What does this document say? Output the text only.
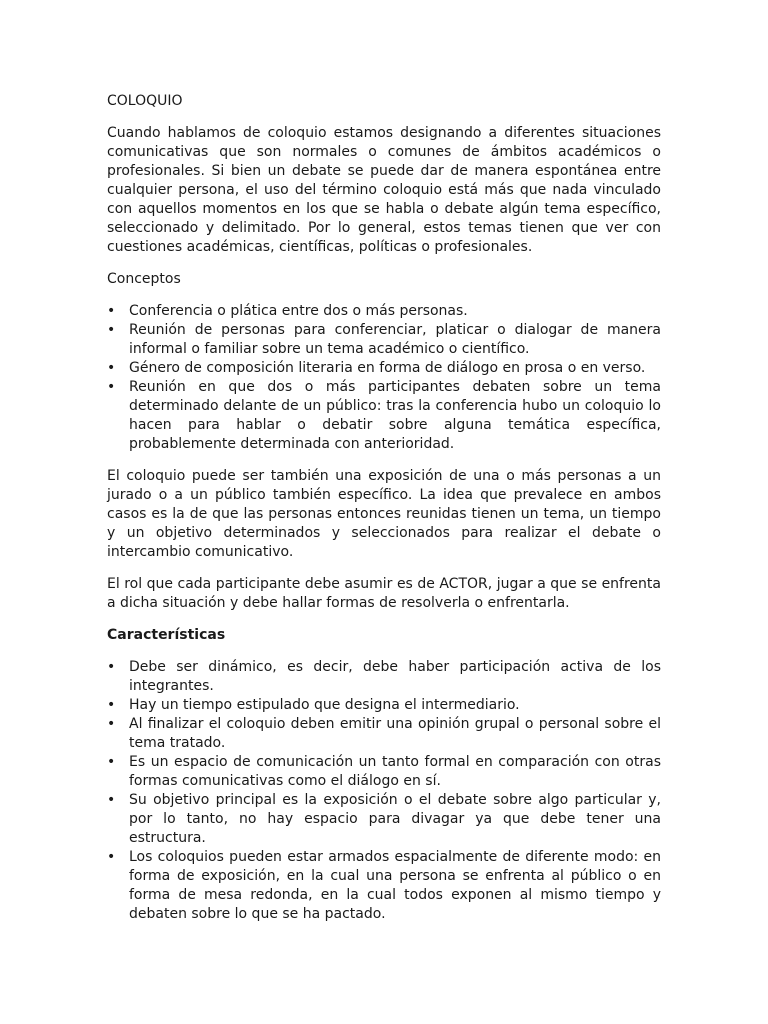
COLOQUIO

Cuando hablamos de coloquio estamos designando a diferentes situaciones comunicativas que son normales o comunes de ámbitos académicos o profesionales. Si bien un debate se puede dar de manera espontánea entre cualquier persona, el uso del término coloquio está más que nada vinculado con aquellos momentos en los que se habla o debate algún tema específico, seleccionado y delimitado. Por lo general, estos temas tienen que ver con cuestiones académicas, científicas, políticas o profesionales.

Conceptos
• Conferencia o plática entre dos o más personas.
• Reunión de personas para conferenciar, platicar o dialogar de manera informal o familiar sobre un tema académico o científico.
• Género de composición literaria en forma de diálogo en prosa o en verso.
• Reunión en que dos o más participantes debaten sobre un tema determinado delante de un público: tras la conferencia hubo un coloquio lo hacen para hablar o debatir sobre alguna temática específica, probablemente determinada con anterioridad.

El coloquio puede ser también una exposición de una o más personas a un jurado o a un público también específico. La idea que prevalece en ambos casos es la de que las personas entonces reunidas tienen un tema, un tiempo y un objetivo determinados y seleccionados para realizar el debate o intercambio comunicativo.

El rol que cada participante debe asumir es de ACTOR, jugar a que se enfrenta a dicha situación y debe hallar formas de resolverla o enfrentarla.

Características
• Debe ser dinámico, es decir, debe haber participación activa de los integrantes.
• Hay un tiempo estipulado que designa el intermediario.
• Al finalizar el coloquio deben emitir una opinión grupal o personal sobre el tema tratado.
• Es un espacio de comunicación un tanto formal en comparación con otras formas comunicativas como el diálogo en sí.
• Su objetivo principal es la exposición o el debate sobre algo particular y, por lo tanto, no hay espacio para divagar ya que debe tener una estructura.
• Los coloquios pueden estar armados espacialmente de diferente modo: en forma de exposición, en la cual una persona se enfrenta al público o en forma de mesa redonda, en la cual todos exponen al mismo tiempo y debaten sobre lo que se ha pactado.
